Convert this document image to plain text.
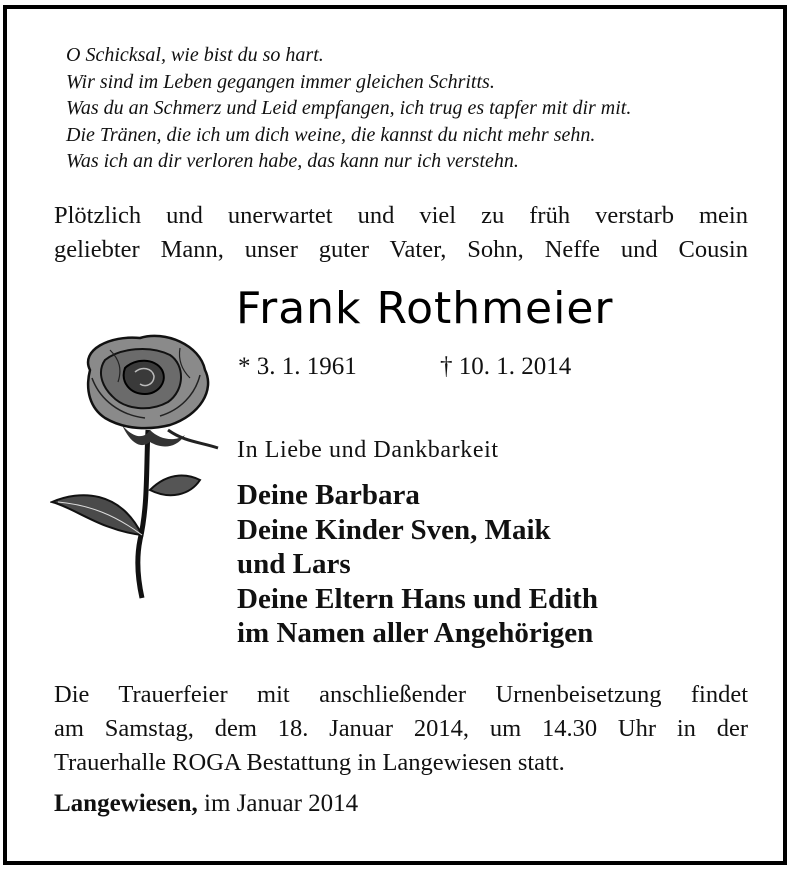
O Schicksal, wie bist du so hart.
Wir sind im Leben gegangen immer gleichen Schritts.
Was du an Schmerz und Leid empfangen, ich trug es tapfer mit dir mit.
Die Tränen, die ich um dich weine, die kannst du nicht mehr sehn.
Was ich an dir verloren habe, das kann nur ich verstehn.
Plötzlich und unerwartet und viel zu früh verstarb mein
geliebter Mann, unser guter Vater, Sohn, Neffe und Cousin
Frank Rothmeier
* 3. 1. 1961	† 10. 1. 2014
In Liebe und Dankbarkeit
Deine Barbara
Deine Kinder Sven, Maik
und Lars
Deine Eltern Hans und Edith
im Namen aller Angehörigen
Die Trauerfeier mit anschließender Urnenbeisetzung findet
am Samstag, dem 18. Januar 2014, um 14.30 Uhr in der
Trauerhalle ROGA Bestattung in Langewiesen statt.
Langewiesen, im Januar 2014
